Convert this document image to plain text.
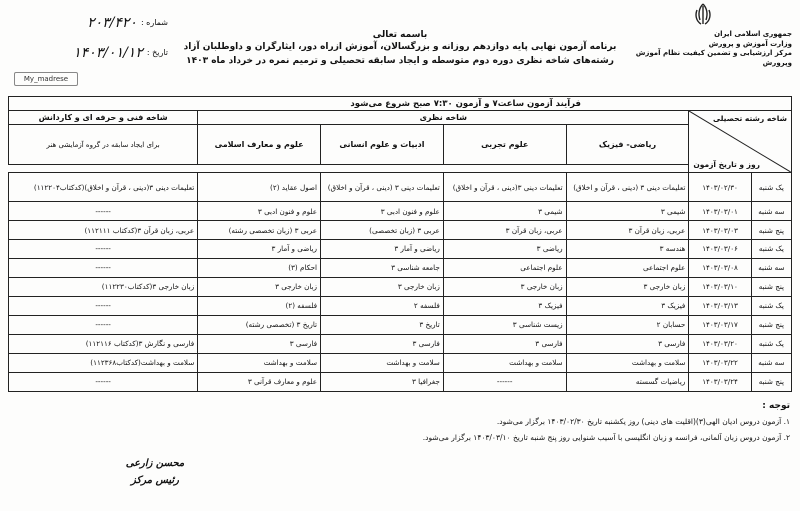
جمهوری اسلامی ایران
وزارت آموزش و پرورش
مرکز ارزشیابی و تضمین کیفیت نظام آموزش وپرورش
شماره :
۲۰۳/۴۲۰
تاریخ :
۱۴۰۳/۰۱/۱۲
My_madrese
باسمه تعالی
برنامه آزمون نهایی پایه دوازدهم روزانه و بزرگسالان، آموزش ازراه دور، ایثارگران و داوطلبان آزاد
رشته‌های شاخه نظری دوره دوم متوسطه و ایجاد سابقه تحصیلی و ترمیم نمره در خرداد ماه ۱۴۰۳
فرآیند آزمون ساعت۷ و آزمون ۷:۳۰ صبح شروع می‌شود						

شاخه رشته تحصیلی
روز و تاریخ آزمون		شاخه نظری				شاخه فنی و حرفه ای و کاردانش
		ریاضی- فیزیک	علوم تجربی	ادبیات و علوم انسانی	علوم و معارف اسلامی	برای ایجاد سابقه در گروه آزمایشی هنر

یک شنبه	۱۴۰۳/۰۲/۳۰	تعلیمات دینی ۳ (دینی ، قرآن و اخلاق)	تعلیمات دینی ۳(دینی ، قرآن و اخلاق)	تعلیمات دینی ۳ (دینی ، قرآن و اخلاق)	اصول عقاید (۲)	تعلیمات دینی ۳(دینی ، قرآن و اخلاق)(کدکتاب۱۱۲۲۰۴)
سه شنبه	۱۴۰۳/۰۳/۰۱	شیمی ۳	شیمی ۳	علوم و فنون ادبی ۳	علوم و فنون ادبی ۳	------
پنج شنبه	۱۴۰۳/۰۳/۰۳	عربی، زبان قرآن ۳	عربی، زبان قرآن ۳	عربی ۳ (زبان تخصصی)	عربی ۳ (زبان تخصصی رشته)	عربی، زبان قرآن ۳(کدکتاب ۱۱۲۱۱۱)
یک شنبه	۱۴۰۳/۰۳/۰۶	هندسه ۳	ریاضی ۳	ریاضی و آمار ۳	ریاضی و آمار ۳	------
سه شنبه	۱۴۰۳/۰۳/۰۸	علوم اجتماعی	علوم اجتماعی	جامعه شناسی ۳	احکام (۳)	------
پنج شنبه	۱۴۰۳/۰۳/۱۰	زبان خارجی ۳	زبان خارجی ۳	زبان خارجی ۳	زبان خارجی ۳	زبان خارجی ۳(کدکتاب۱۱۲۲۳۰)
یک شنبه	۱۴۰۳/۰۳/۱۳	فیزیک ۳	فیزیک ۳	فلسفه ۲	فلسفه (۲)	------
پنج شنبه	۱۴۰۳/۰۳/۱۷	حسابان ۲	زیست شناسی ۳	تاریخ ۳	تاریخ ۳ (تخصصی رشته)	------
یک شنبه	۱۴۰۳/۰۳/۲۰	فارسی ۳	فارسی ۳	فارسی ۳	فارسی ۳	فارسی و نگارش ۳(کدکتاب ۱۱۲۱۱۶)
سه شنبه	۱۴۰۳/۰۳/۲۲	سلامت و بهداشت	سلامت و بهداشت	سلامت و بهداشت	سلامت و بهداشت	سلامت و بهداشت(کدکتاب۱۱۲۳۶۸)
پنج شنبه	۱۴۰۳/۰۳/۲۴	ریاضیات گسسته	------	جغرافیا ۳	علوم و معارف قرآنی ۳	------
توجه :
۱. آزمون دروس ادیان الهی(۳)(اقلیت های دینی) روز یکشنبه تاریخ ۱۴۰۳/۰۲/۳۰ برگزار می‌شود.
۲. آزمون دروس زبان آلمانی، فرانسه و زبان انگلیسی با آسیب شنوایی روز پنج شنبه تاریخ ۱۴۰۳/۰۳/۱۰ برگزار می‌شود.
محسن زارعی
رئیس مرکز
